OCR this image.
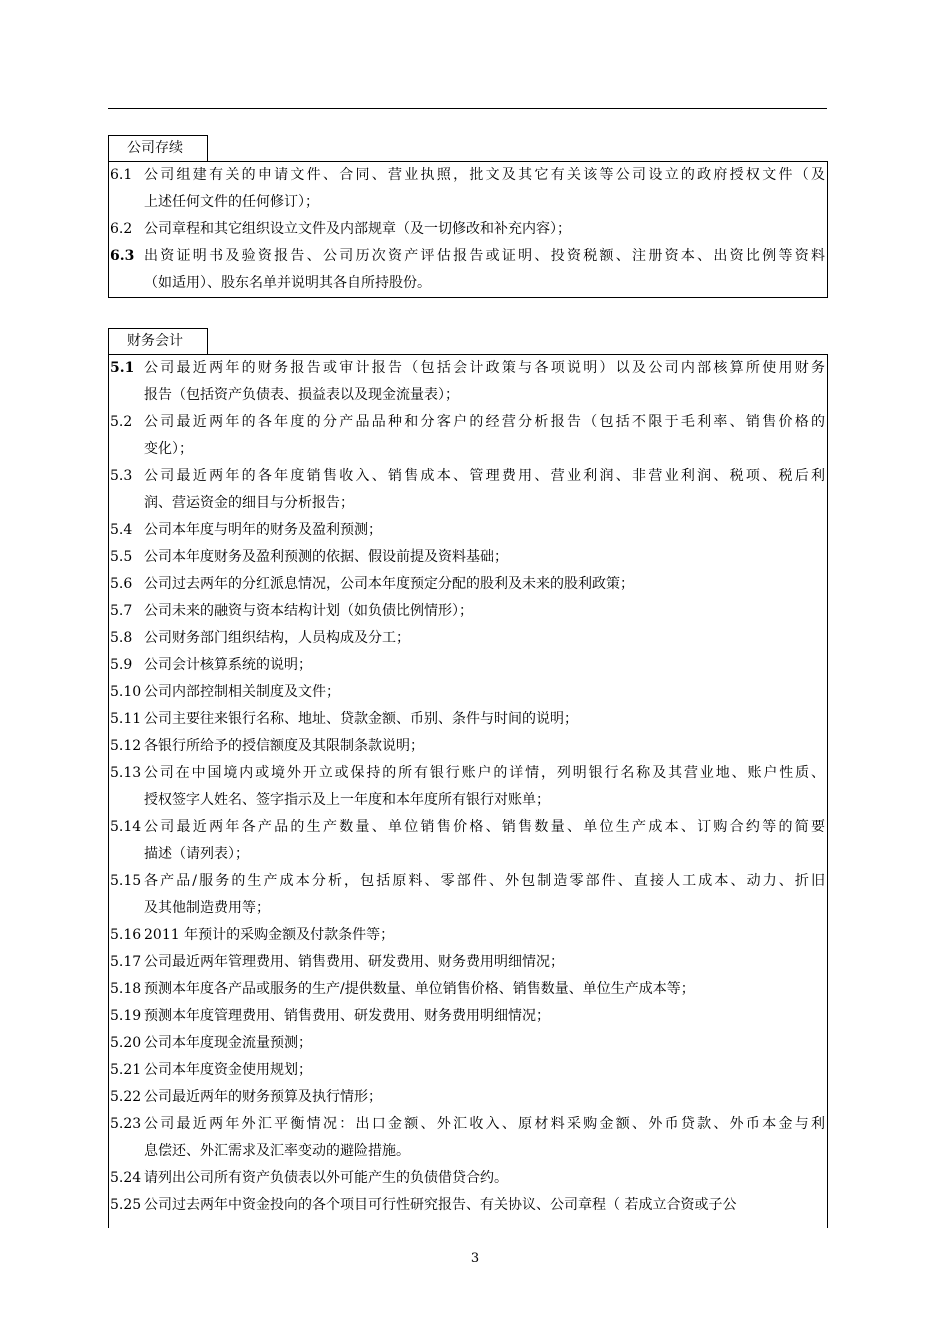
公司存续
6.1 公司组建有关的申请文件、合同、营业执照，批文及其它有关该等公司设立的政府授权文件（及
上述任何文件的任何修订）；
6.2 公司章程和其它组织设立文件及内部规章（及一切修改和补充内容）；
6.3 出资证明书及验资报告、公司历次资产评估报告或证明、投资税额、注册资本、出资比例等资料
（如适用）、股东名单并说明其各自所持股份。
财务会计
5.1 公司最近两年的财务报告或审计报告（包括会计政策与各项说明）以及公司内部核算所使用财务
报告（包括资产负债表、损益表以及现金流量表）；
5.2 公司最近两年的各年度的分产品品种和分客户的经营分析报告（包括不限于毛利率、销售价格的
变化）；
5.3 公司最近两年的各年度销售收入、销售成本、管理费用、营业利润、非营业利润、税项、税后利
润、营运资金的细目与分析报告；
5.4 公司本年度与明年的财务及盈利预测；
5.5 公司本年度财务及盈利预测的依据、假设前提及资料基础；
5.6 公司过去两年的分红派息情况，公司本年度预定分配的股利及未来的股利政策；
5.7 公司未来的融资与资本结构计划（如负债比例情形）；
5.8 公司财务部门组织结构，人员构成及分工；
5.9 公司会计核算系统的说明；
5.10 公司内部控制相关制度及文件；
5.11 公司主要往来银行名称、地址、贷款金额、币别、条件与时间的说明；
5.12 各银行所给予的授信额度及其限制条款说明；
5.13 公司在中国境内或境外开立或保持的所有银行账户的详情，列明银行名称及其营业地、账户性质、
授权签字人姓名、签字指示及上一年度和本年度所有银行对账单；
5.14 公司最近两年各产品的生产数量、单位销售价格、销售数量、单位生产成本、订购合约等的简要
描述（请列表）；
5.15 各产品/服务的生产成本分析，包括原料、零部件、外包制造零部件、直接人工成本、动力、折旧
及其他制造费用等；
5.16 2011 年预计的采购金额及付款条件等；
5.17 公司最近两年管理费用、销售费用、研发费用、财务费用明细情况；
5.18 预测本年度各产品或服务的生产/提供数量、单位销售价格、销售数量、单位生产成本等；
5.19 预测本年度管理费用、销售费用、研发费用、财务费用明细情况；
5.20 公司本年度现金流量预测；
5.21 公司本年度资金使用规划；
5.22 公司最近两年的财务预算及执行情形；
5.23 公司最近两年外汇平衡情况：出口金额、外汇收入、原材料采购金额、外币贷款、外币本金与利
息偿还、外汇需求及汇率变动的避险措施。
5.24 请列出公司所有资产负债表以外可能产生的负债借贷合约。
5.25 公司过去两年中资金投向的各个项目可行性研究报告、有关协议、公司章程（ 若成立合资或子公
3
